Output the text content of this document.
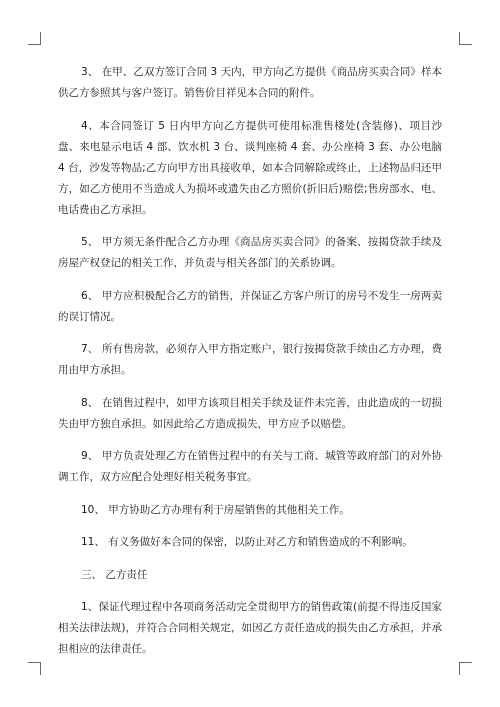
3、 在甲、乙双方签订合同 3 天内，甲方向乙方提供《商品房买卖合同》样本供乙方参照其与客户签订。销售价目祥见本合同的附件。

4、本合同签订 5 日内甲方向乙方提供可使用标准售楼处(含装修)、项目沙盘、来电显示电话 4 部、饮水机 3 台、谈判座椅 4 套、办公座椅 3 套、办公电脑 4 台，沙发等物品;乙方向甲方出具接收单，如本合同解除或终止，上述物品归还甲方，如乙方使用不当造成人为损坏或遗失由乙方照价(折旧后)赔偿;售房部水、电、电话费由乙方承担。

5、 甲方须无条件配合乙方办理《商品房买卖合同》的备案、按揭贷款手续及房屋产权登记的相关工作，并负责与相关各部门的关系协调。

6、 甲方应积极配合乙方的销售，并保证乙方客户所订的房号不发生一房两卖的误订情况。

7、 所有售房款，必须存入甲方指定账户，银行按揭贷款手续由乙方办理，费用由甲方承担。

8、 在销售过程中，如甲方该项目相关手续及证件未完善，由此造成的一切损失由甲方独自承担。如因此给乙方造成损失，甲方应予以赔偿。

9、 甲方负责处理乙方在销售过程中的有关与工商、城管等政府部门的对外协调工作，双方应配合处理好相关税务事宜。

10、 甲方协助乙方办理有利于房屋销售的其他相关工作。

11、 有义务做好本合同的保密，以防止对乙方和销售造成的不利影响。

三、 乙方责任

1、保证代理过程中各项商务活动完全贯彻甲方的销售政策(前提不得违反国家相关法律法规)，并符合合同相关规定，如因乙方责任造成的损失由乙方承担，并承担相应的法律责任。
